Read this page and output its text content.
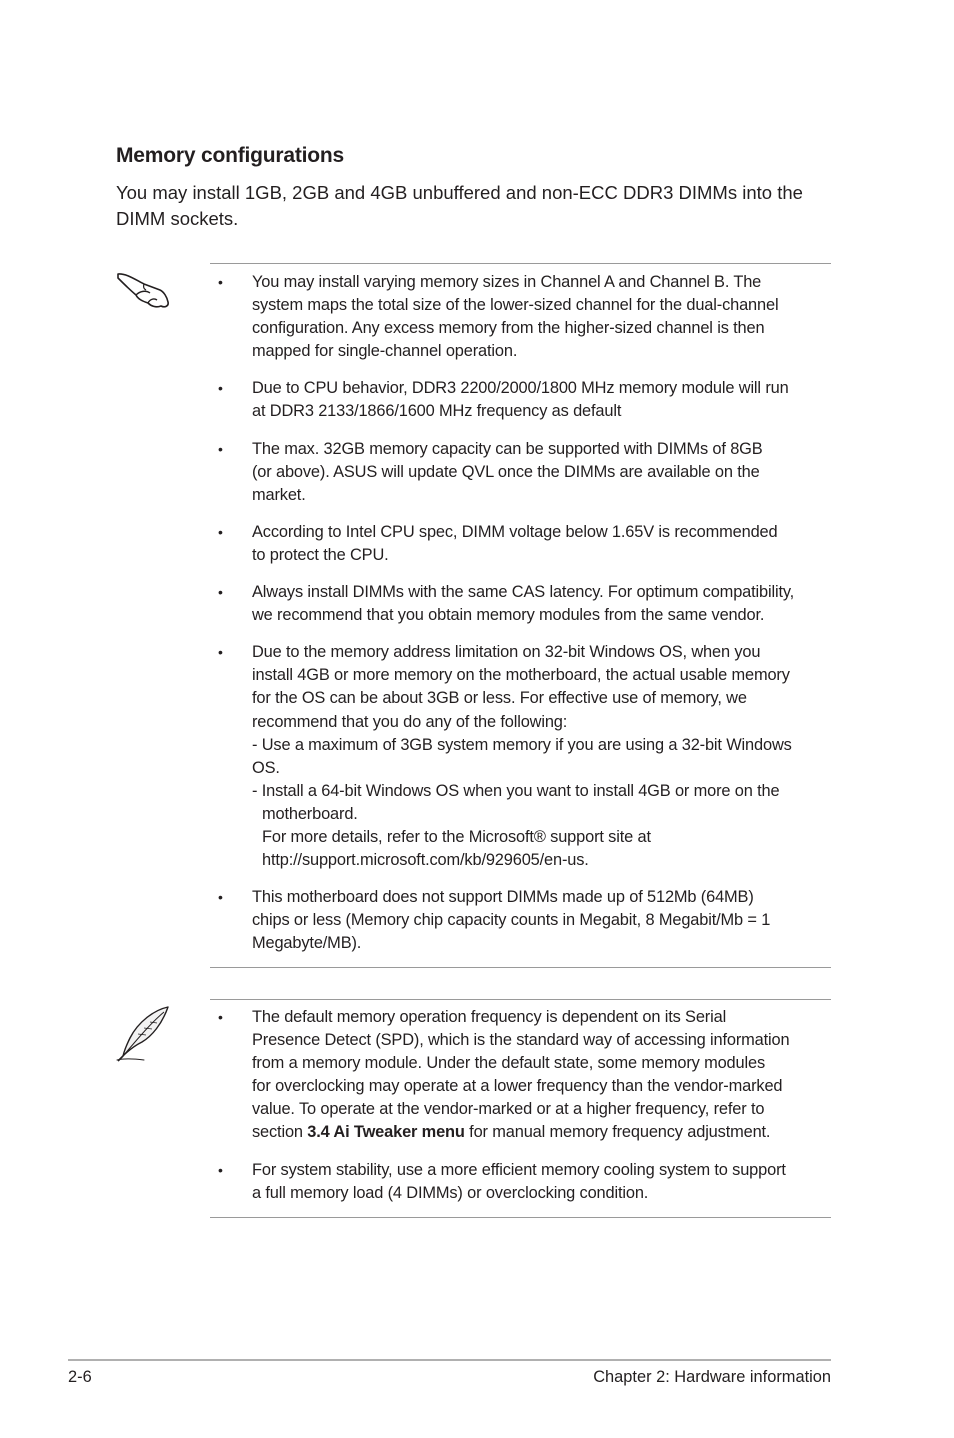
Memory configurations
You may install 1GB, 2GB and 4GB unbuffered and non-ECC DDR3 DIMMs into the DIMM sockets.
• You may install varying memory sizes in Channel A and Channel B. The
system maps the total size of the lower-sized channel for the dual-channel
configuration. Any excess memory from the higher-sized channel is then
mapped for single-channel operation.
• Due to CPU behavior, DDR3 2200/2000/1800 MHz memory module will run
at DDR3 2133/1866/1600 MHz frequency as default
• The max. 32GB memory capacity can be supported with DIMMs of 8GB
(or above). ASUS will update QVL once the DIMMs are available on the
market.
• According to Intel CPU spec, DIMM voltage below 1.65V is recommended
to protect the CPU.
• Always install DIMMs with the same CAS latency. For optimum compatibility,
we recommend that you obtain memory modules from the same vendor.
• Due to the memory address limitation on 32-bit Windows OS, when you
install 4GB or more memory on the motherboard, the actual usable memory
for the OS can be about 3GB or less. For effective use of memory, we
recommend that you do any of the following:
- Use a maximum of 3GB system memory if you are using a 32-bit Windows
OS.
- Install a 64-bit Windows OS when you want to install 4GB or more on the
motherboard.
For more details, refer to the Microsoft® support site at
http://support.microsoft.com/kb/929605/en-us.
• This motherboard does not support DIMMs made up of 512Mb (64MB)
chips or less (Memory chip capacity counts in Megabit, 8 Megabit/Mb = 1
Megabyte/MB).
• The default memory operation frequency is dependent on its Serial
Presence Detect (SPD), which is the standard way of accessing information
from a memory module. Under the default state, some memory modules
for overclocking may operate at a lower frequency than the vendor-marked
value. To operate at the vendor-marked or at a higher frequency, refer to
section 3.4 Ai Tweaker menu for manual memory frequency adjustment.
• For system stability, use a more efficient memory cooling system to support
a full memory load (4 DIMMs) or overclocking condition.
2-6	Chapter 2: Hardware information
